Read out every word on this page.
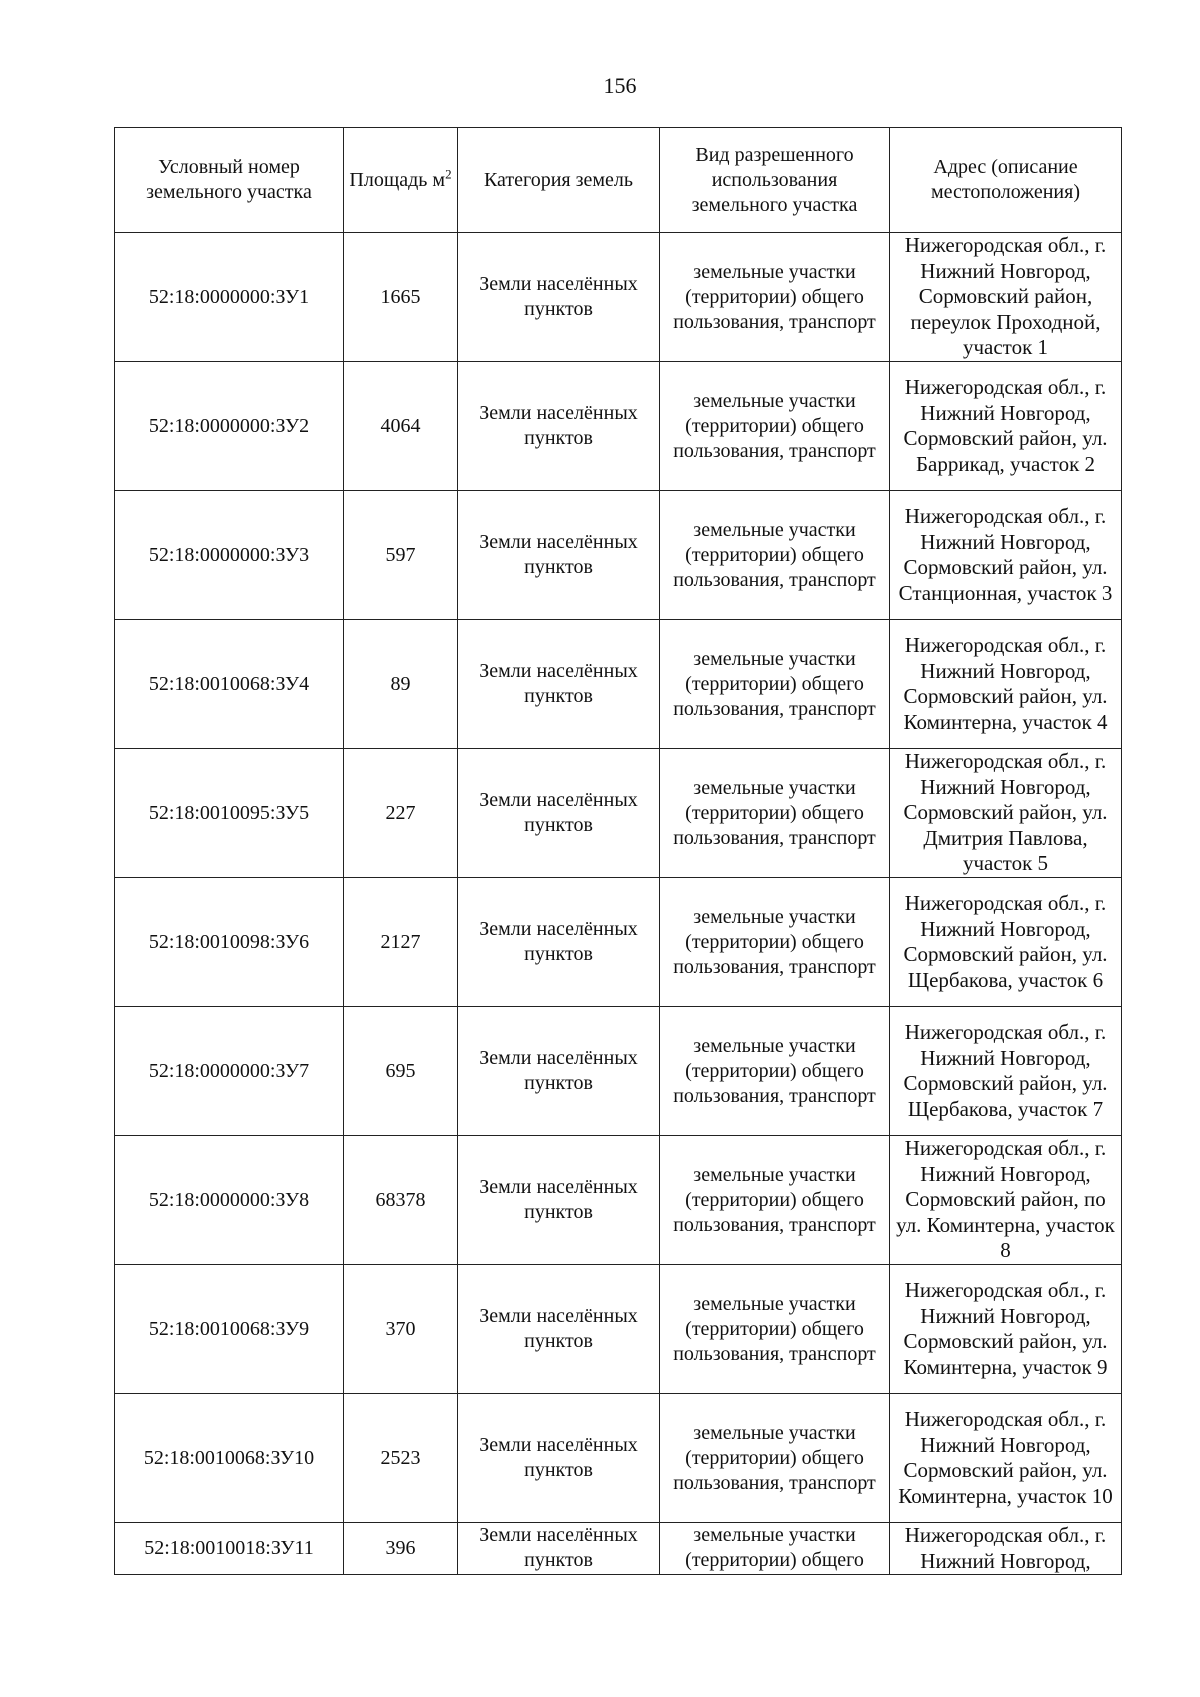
156
Условный номер земельного участка	Площадь $м^2$	Категория земель	Вид разрешенного использования земельного участка	Адрес (описание местоположения)
52:18:0000000:ЗУ1	1665	Земли населённых пунктов	земельные участки (территории) общего пользования, транспорт	Нижегородская обл., г. Нижний Новгород, Сормовский район, переулок Проходной, участок 1
52:18:0000000:ЗУ2	4064	Земли населённых пунктов	земельные участки (территории) общего пользования, транспорт	Нижегородская обл., г. Нижний Новгород, Сормовский район, ул. Баррикад, участок 2
52:18:0000000:ЗУ3	597	Земли населённых пунктов	земельные участки (территории) общего пользования, транспорт	Нижегородская обл., г. Нижний Новгород, Сормовский район, ул. Станционная, участок 3
52:18:0010068:ЗУ4	89	Земли населённых пунктов	земельные участки (территории) общего пользования, транспорт	Нижегородская обл., г. Нижний Новгород, Сормовский район, ул. Коминтерна, участок 4
52:18:0010095:ЗУ5	227	Земли населённых пунктов	земельные участки (территории) общего пользования, транспорт	Нижегородская обл., г. Нижний Новгород, Сормовский район, ул. Дмитрия Павлова, участок 5
52:18:0010098:ЗУ6	2127	Земли населённых пунктов	земельные участки (территории) общего пользования, транспорт	Нижегородская обл., г. Нижний Новгород, Сормовский район, ул. Щербакова, участок 6
52:18:0000000:ЗУ7	695	Земли населённых пунктов	земельные участки (территории) общего пользования, транспорт	Нижегородская обл., г. Нижний Новгород, Сормовский район, ул. Щербакова, участок 7
52:18:0000000:ЗУ8	68378	Земли населённых пунктов	земельные участки (территории) общего пользования, транспорт	Нижегородская обл., г. Нижний Новгород, Сормовский район, по ул. Коминтерна, участок 8
52:18:0010068:ЗУ9	370	Земли населённых пунктов	земельные участки (территории) общего пользования, транспорт	Нижегородская обл., г. Нижний Новгород, Сормовский район, ул. Коминтерна, участок 9
52:18:0010068:ЗУ10	2523	Земли населённых пунктов	земельные участки (территории) общего пользования, транспорт	Нижегородская обл., г. Нижний Новгород, Сормовский район, ул. Коминтерна, участок 10
52:18:0010018:ЗУ11	396	Земли населённых пунктов	земельные участки (территории) общего	Нижегородская обл., г. Нижний Новгород,
